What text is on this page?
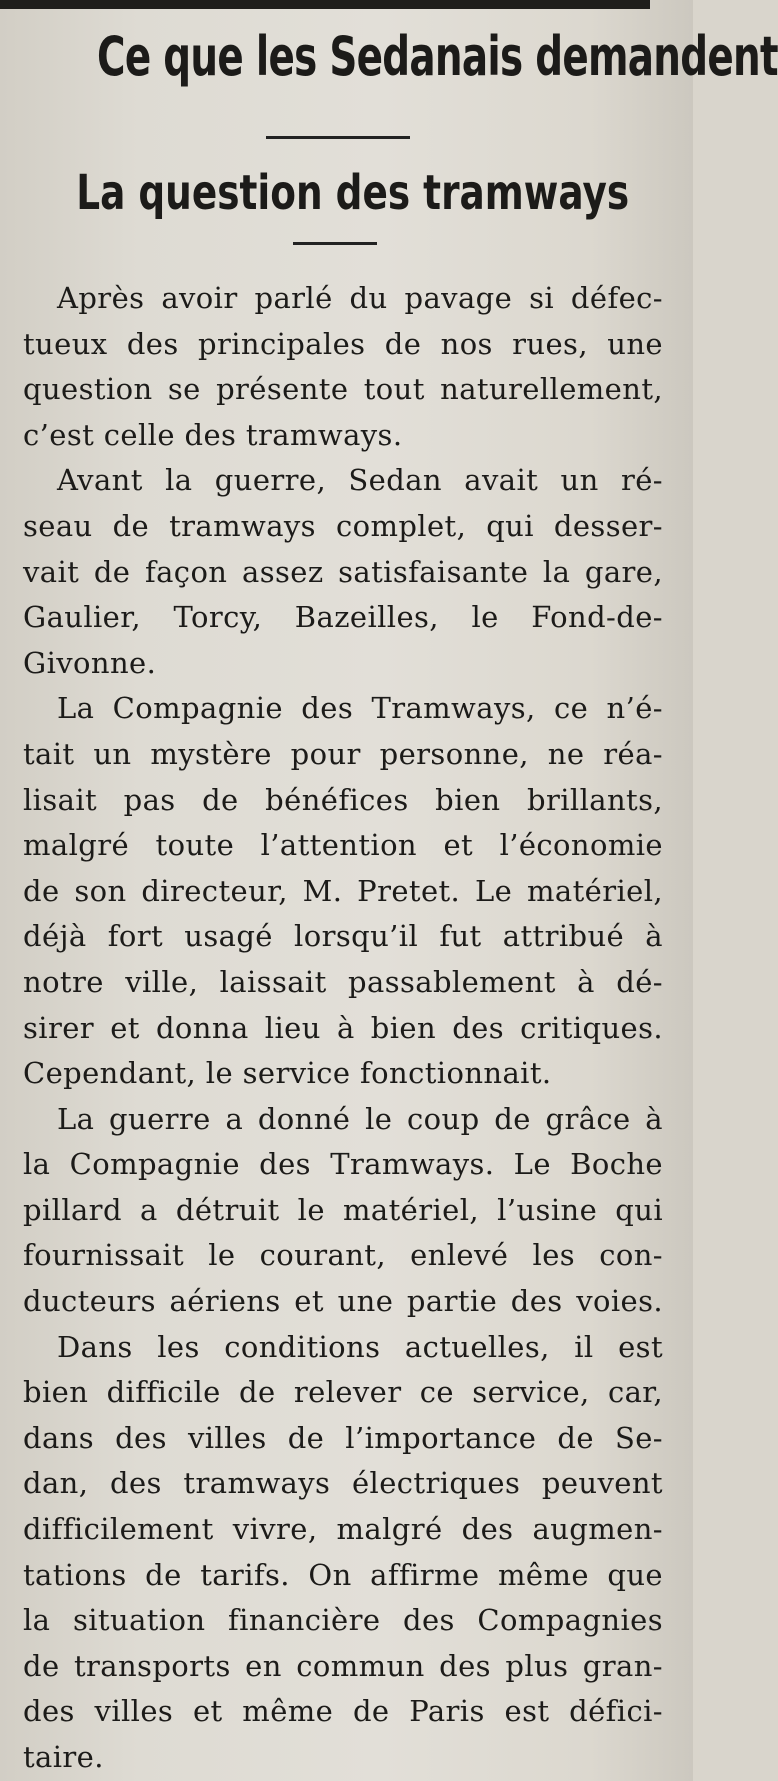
Ce que les Sedanais demandent
La question des tramways

Après avoir parlé du pavage si défec-
tueux des principales de nos rues, une
question se présente tout naturellement,
c’est celle des tramways.

Avant la guerre, Sedan avait un ré-
seau de tramways complet, qui desser-
vait de façon assez satisfaisante la gare,
Gaulier, Torcy, Bazeilles, le Fond-de-
Givonne.

La Compagnie des Tramways, ce n’é-
tait un mystère pour personne, ne réa-
lisait pas de bénéfices bien brillants,
malgré toute l’attention et l’économie
de son directeur, M. Pretet. Le matériel,
déjà fort usagé lorsqu’il fut attribué à
notre ville, laissait passablement à dé-
sirer et donna lieu à bien des critiques.
Cependant, le service fonctionnait.

La guerre a donné le coup de grâce à
la Compagnie des Tramways. Le Boche
pillard a détruit le matériel, l’usine qui
fournissait le courant, enlevé les con-
ducteurs aériens et une partie des voies.

Dans les conditions actuelles, il est
bien difficile de relever ce service, car,
dans des villes de l’importance de Se-
dan, des tramways électriques peuvent
difficilement vivre, malgré des augmen-
tations de tarifs. On affirme même que
la situation financière des Compagnies
de transports en commun des plus gran-
des villes et même de Paris est défici-
taire.
